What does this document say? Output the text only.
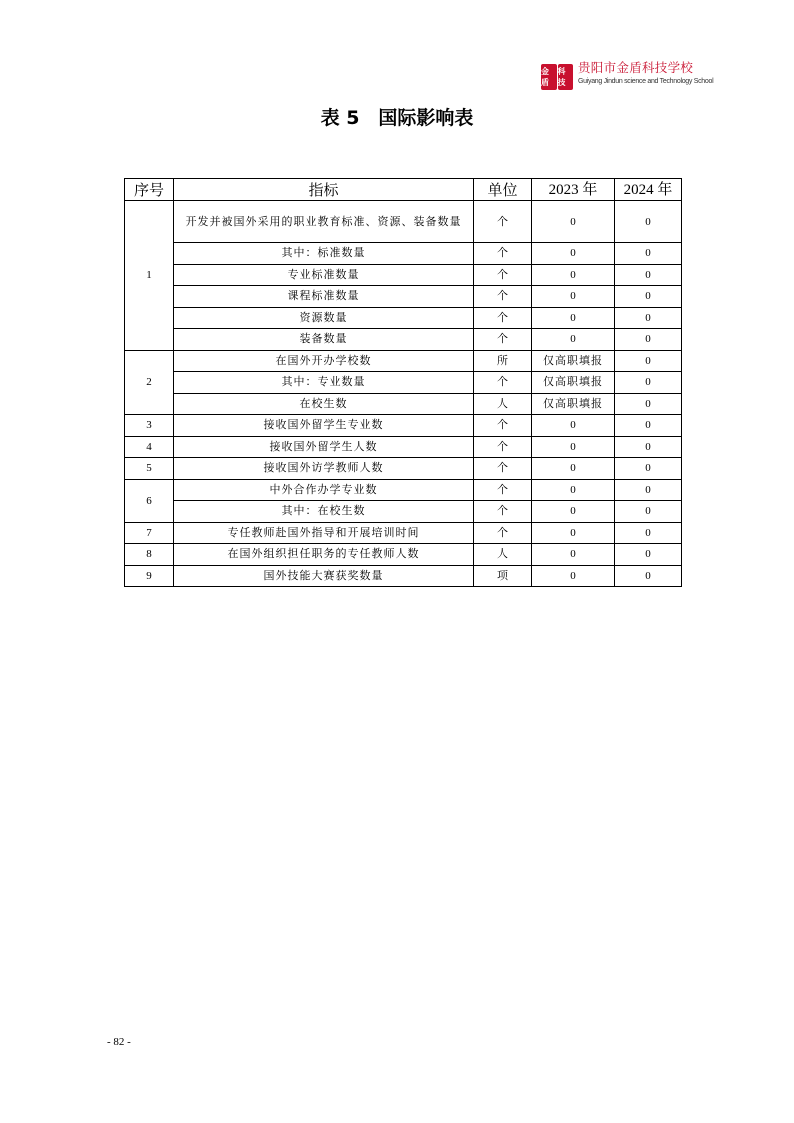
金盾
科技
贵阳市金盾科技学校
Guiyang Jindun science and Technology School
表 5　国际影响表
序号	指标	单位	2023 年	2024 年
1	开发并被国外采用的职业教育标准、资源、装备数量	个	0	0
	其中：标准数量	个	0	0
	专业标准数量	个	0	0
	课程标准数量	个	0	0
	资源数量	个	0	0
	装备数量	个	0	0
2	在国外开办学校数	所	仅高职填报	0
	其中：专业数量	个	仅高职填报	0
	在校生数	人	仅高职填报	0
3	接收国外留学生专业数	个	0	0
4	接收国外留学生人数	个	0	0
5	接收国外访学教师人数	个	0	0
6	中外合作办学专业数	个	0	0
	其中：在校生数	个	0	0
7	专任教师赴国外指导和开展培训时间	个	0	0
8	在国外组织担任职务的专任教师人数	人	0	0
9	国外技能大赛获奖数量	项	0	0
- 82 -
